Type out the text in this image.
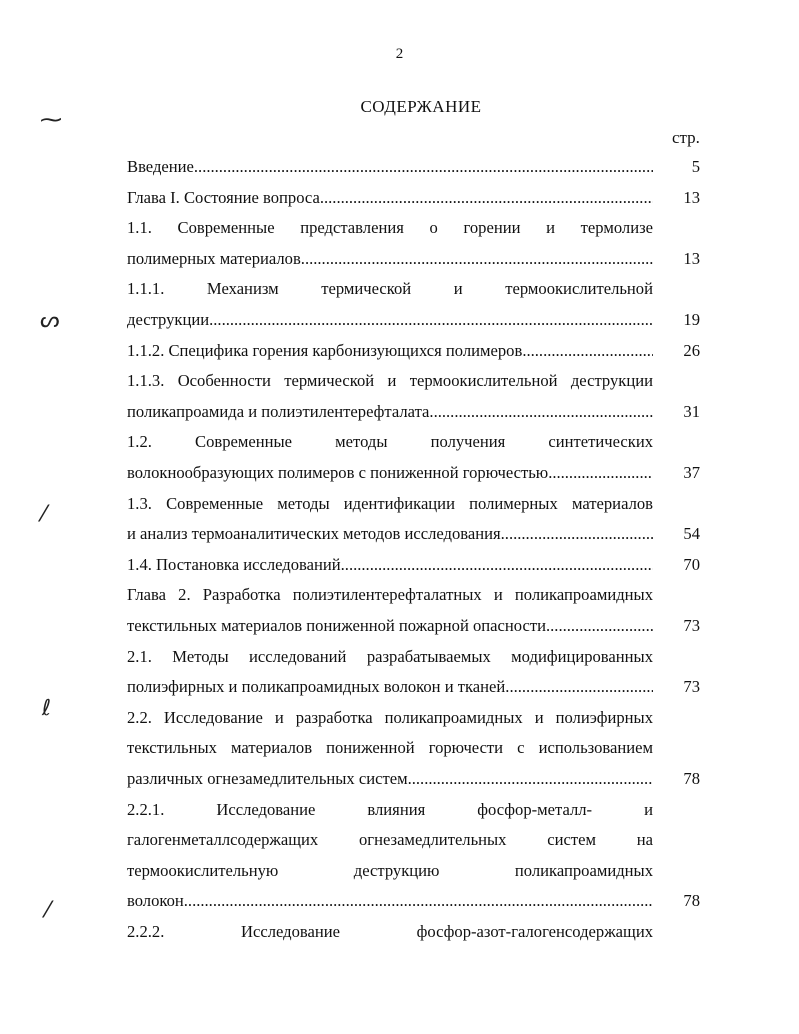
2
СОДЕРЖАНИЕ
стр.
⁓
ᔕ
⁄
ℓ
⁄
Введение .....	5
Глава I. Состояние вопроса .....	13
1.1. Современные представления о горении и термолизе
полимерных материалов .....	13
1.1.1. Механизм термической и термоокислительной
деструкции .....	19
1.1.2. Специфика горения карбонизующихся полимеров .....	26
1.1.3. Особенности термической и термоокислительной деструкции
поликапроамида и полиэтилентерефталата .....	31
1.2. Современные методы получения синтетических
волокнообразующих полимеров с пониженной горючестью .....	37
1.3. Современные методы идентификации полимерных материалов
и анализ термоаналитических методов исследования .....	54
1.4. Постановка исследований .....	70
Глава 2. Разработка полиэтилентерефталатных и поликапроамидных
текстильных материалов пониженной пожарной опасности .....	73
2.1. Методы исследований разрабатываемых модифицированных
полиэфирных и поликапроамидных волокон и тканей .....	73
2.2. Исследование и разработка поликапроамидных и полиэфирных
текстильных материалов пониженной горючести с использованием
различных огнезамедлительных систем .....	78
2.2.1. Исследование влияния фосфор-металл- и
галогенметаллсодержащих огнезамедлительных систем на
термоокислительную деструкцию поликапроамидных
волокон .....	78
2.2.2. Исследование фосфор-азот-галогенсодержащих
